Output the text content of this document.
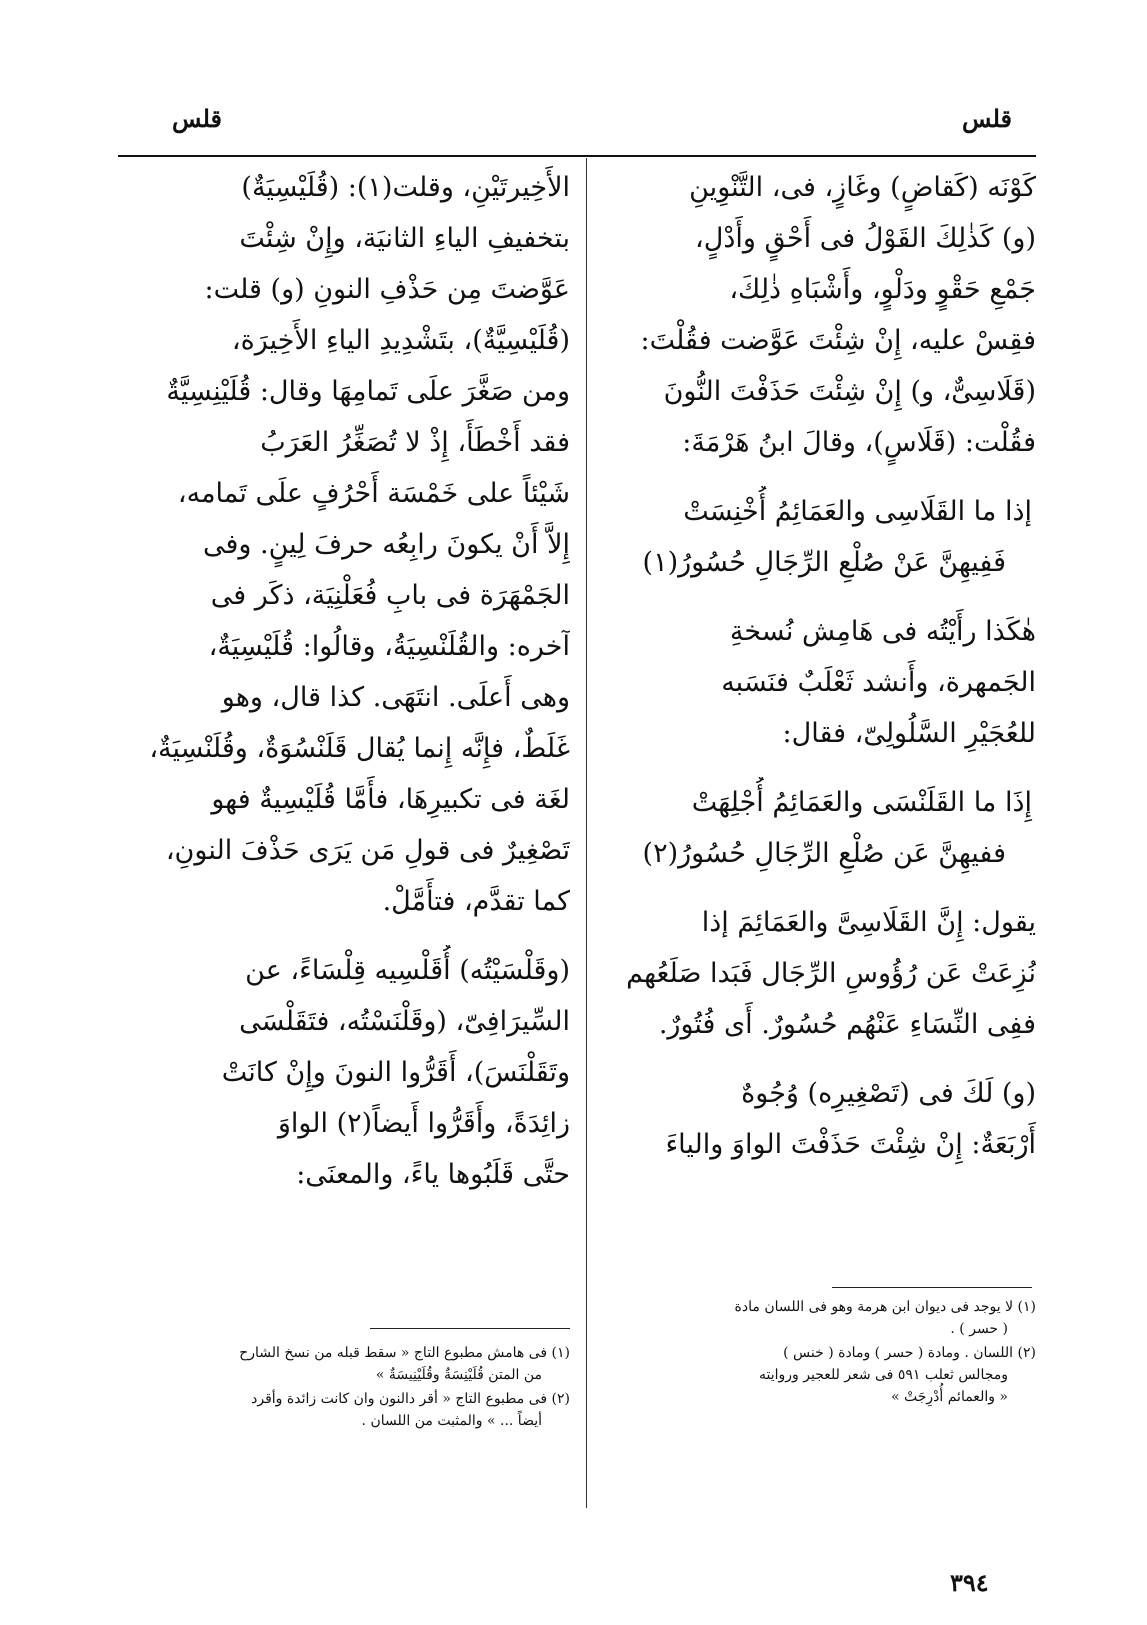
قلس
قلس
كَوْنَه (كَقاضٍ) وغَازٍ، فى، التَّنْوِينِ
(و) كَذٰلِكَ القَوْلُ فى أَحْقٍ وأَدْلٍ،
جَمْعِ حَقْوٍ ودَلْوٍ، وأَشْبَاهِ ذٰلِكَ،
فقِسْ عليه، إِنْ شِئْتَ عَوَّضت فقُلْتَ:
(قَلَاسِىٌّ، و) إِنْ شِئْتَ حَذَفْتَ النُّونَ
فقُلْت: (قَلَاسٍ)، وقالَ ابنُ هَرْمَةَ:
إذا ما القَلَاسِى والعَمَائِمُ أُخْنِسَتْ
فَفِيهِنَّ عَنْ صُلْعِ الرِّجَالِ حُسُورُ(١)
هٰكَذا رأَيْتُه فى هَامِش نُسخةِ
الجَمهرة، وأَنشد ثَعْلَبٌ فنَسَبه
للعُجَيْرِ السَّلُولِىّ، فقال:
إِذَا ما القَلَنْسَى والعَمَائِمُ أُجْلِهَتْ
ففيهِنَّ عَن صُلْعِ الرِّجَالِ حُسُورُ(٢)
يقول: إِنَّ القَلَاسِىَّ والعَمَائِمَ إذا
نُزِعَتْ عَن رُؤُوسِ الرِّجَال فَبَدا صَلَعُهم
ففِى النِّسَاءِ عَنْهُم حُسُورٌ. أَى فُتُورٌ.
(و) لَكَ فى (تَصْغِيرِه) وُجُوهٌ
أَرْبَعَةٌ: إِنْ شِئْتَ حَذَفْتَ الواوَ والياءَ
الأَخِيرتَيْنِ، وقلت(١): (قُلَيْسِيَةٌ)
بتخفيفِ الياءِ الثانيَة، وإِنْ شِئْتَ
عَوَّضتَ مِن حَذْفِ النونِ (و) قلت:
(قُلَيْسِيَّةٌ)، بتَشْدِيدِ الياءِ الأَخِيرَة،
ومن صَغَّرَ علَى تَمامِهَا وقال: قُلَيْنِسِيَّةٌ
فقد أَخْطَأَ، إِذْ لا تُصَغِّرُ العَرَبُ
شَيْئاً على خَمْسَة أَحْرُفٍ علَى تَمامه،
إِلاَّ أَنْ يكونَ رابِعُه حرفَ لِينٍ. وفى
الجَمْهَرَة فى بابِ فُعَلْنِيَة، ذكَر فى
آخره: والقُلَنْسِيَةُ، وقالُوا: قُلَيْسِيَةٌ،
وهى أَعلَى. انتَهَى. كذا قال، وهو
غَلَطٌ، فإِنَّه إِنما يُقال قَلَنْسُوَةٌ، وقُلَنْسِيَةٌ،
لغَة فى تكبيرِهَا، فأَمَّا قُلَيْسِيةٌ فهو
تَصْغِيرٌ فى قولِ مَن يَرَى حَذْفَ النونِ،
كما تقدَّم، فتأَمَّلْ.
(وقَلْسَيْتُه) أُقَلْسِيه قِلْسَاءً، عن
السِّيرَافِىّ، (وقَلْنَسْتُه، فتَقَلْسَى
وتَقَلْنَسَ)، أَقَرُّوا النونَ وإِنْ كانَتْ
زائِدَةً، وأَقَرُّوا أَيضاً(٢) الواوَ
حتَّى قَلَبُوها ياءً، والمعنَى:
(١) لا يوجد فى ديوان ابن هرمة وهو فى اللسان مادة
( حسر ) .
(٢) اللسان . ومادة ( حسر ) ومادة ( خنس )
ومجالس ثعلب ٥٩١ فى شعر للعجير وروايته
« والعمائم أُدْرِجَتْ »
(١) فى هامش مطبوع التاج « سقط قبله من نسخ الشارح
من المتن قُلَيْنِسَةٌ وقُلَيْنِيسَةٌ »
(٢) فى مطبوع التاج « أقر دالنون وان كانت زائدة وأقرد
أيضاً ... » والمثبت من اللسان .
٣٩٤
